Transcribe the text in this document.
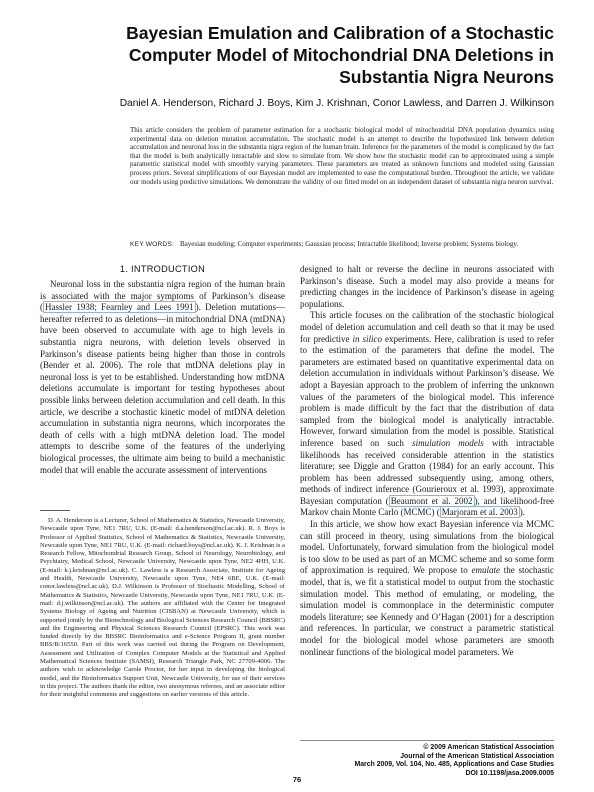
Bayesian Emulation and Calibration of a Stochastic
Computer Model of Mitochondrial DNA Deletions in
Substantia Nigra Neurons
Daniel A. Henderson, Richard J. Boys, Kim J. Krishnan, Conor Lawless, and Darren J. Wilkinson
This article considers the problem of parameter estimation for a stochastic biological model of mitochondrial DNA population dynamics using experimental data on deletion mutation accumulation. The stochastic model is an attempt to describe the hypothesized link between deletion accumulation and neuronal loss in the substantia nigra region of the human brain. Inference for the parameters of the model is complicated by the fact that the model is both analytically intractable and slow to simulate from. We show how the stochastic model can be approximated using a simple parametric statistical model with smoothly varying parameters. These parameters are treated as unknown functions and modeled using Gaussian process priors. Several simplifications of our Bayesian model are implemented to ease the computational burden. Throughout the article, we validate our models using predictive simulations. We demonstrate the validity of our fitted model on an independent dataset of substantia nigra neuron survival.
KEY WORDS: Bayesian modeling; Computer experiments; Gaussian process; Intractable likelihood; Inverse problem; Systems biology.
1. INTRODUCTION

Neuronal loss in the substantia nigra region of the human brain is associated with the major symptoms of Parkinson’s disease ( Hassler 1938; Fearnley and Lees 1991 ). Deletion mutations—hereafter referred to as deletions—in mitochondrial DNA (mtDNA) have been observed to accumulate with age to high levels in substantia nigra neurons, with deletion levels observed in Parkinson’s disease patients being higher than those in controls (Bender et al. 2006). The role that mtDNA deletions play in neuronal loss is yet to be established. Understanding how mtDNA deletions accumulate is important for testing hypotheses about possible links between deletion accumulation and cell death. In this article, we describe a stochastic kinetic model of mtDNA deletion accumulation in substantia nigra neurons, which incorporates the death of cells with a high mtDNA deletion load. The model attempts to describe some of the features of the underlying biological processes, the ultimate aim being to build a mechanistic model that will enable the accurate assessment of interventions

D. A. Henderson is a Lecturer, School of Mathematics & Statistics, Newcastle University, Newcastle upon Tyne, NE1 7RU, U.K. (E-mail: d.a.henderson@ncl.ac.uk). R. J. Boys is Professor of Applied Statistics, School of Mathematics & Statistics, Newcastle University, Newcastle upon Tyne, NE1 7RU, U.K. (E-mail: richard.boys@ncl.ac.uk). K. J. Krishnan is a Research Fellow, Mitochondrial Research Group, School of Neurology, Neurobiology, and Psychiatry, Medical School, Newcastle University, Newcastle upon Tyne, NE2 4HH, U.K. (E-mail: k.j.krishnan@ncl.ac.uk). C. Lawless is a Research Associate, Institute for Ageing and Health, Newcastle University, Newcastle upon Tyne, NE4 6BE, U.K. (E-mail: conor.lawless@ncl.ac.uk). D.J. Wilkinson is Professor of Stochastic Modelling, School of Mathematics & Statistics, Newcastle University, Newcastle upon Tyne, NE1 7RU, U.K. (E-mail: d.j.wilkinson@ncl.ac.uk). The authors are affiliated with the Center for Integrated Systems Biology of Ageing and Nutrition (CISBAN) at Newcastle University, which is supported jointly by the Biotechnology and Biological Sciences Research Council (BBSRC) and the Engineering and Physical Sciences Research Council (EPSRC). This work was funded directly by the BBSRC Bioinformatics and e-Science Program II, grant number BBS/B/16550. Part of this work was carried out during the Program on Development, Assessment and Utilization of Complex Computer Models at the Statistical and Applied Mathematical Sciences Institute (SAMSI), Research Triangle Park, NC 27709-4006. The authors wish to acknowledge Carole Proctor, for her input in developing the biological model, and the Bioinformatics Support Unit, Newcastle University, for use of their services in this project. The authors thank the editor, two anonymous referees, and an associate editor for their insightful comments and suggestions on earlier versions of this article.

designed to halt or reverse the decline in neurons associated with Parkinson’s disease. Such a model may also provide a means for predicting changes in the incidence of Parkinson’s disease in ageing populations.

This article focuses on the calibration of the stochastic biological model of deletion accumulation and cell death so that it may be used for predictive in silico experiments. Here, calibration is used to refer to the estimation of the parameters that define the model. The parameters are estimated based on quantitative experimental data on deletion accumulation in individuals without Parkinson’s disease. We adopt a Bayesian approach to the problem of inferring the unknown values of the parameters of the biological model. This inference problem is made difficult by the fact that the distribution of data sampled from the biological model is analytically intractable. However, forward simulation from the model is possible. Statistical inference based on such simulation models with intractable likelihoods has received considerable attention in the statistics literature; see Diggle and Gratton (1984) for an early account. This problem has been addressed subsequently using, among others, methods of indirect inference (Gourieroux et al. 1993), approximate Bayesian computation ( Beaumont et al. 2002 ), and likelihood-free Markov chain Monte Carlo (MCMC) ( Marjoram et al. 2003 ).

In this article, we show how exact Bayesian inference via MCMC can still proceed in theory, using simulations from the biological model. Unfortunately, forward simulation from the biological model is too slow to be used as part of an MCMC scheme and so some form of approximation is required. We propose to emulate the stochastic model, that is, we fit a statistical model to output from the stochastic simulation model. This method of emulating, or modeling, the simulation model is commonplace in the deterministic computer models literature; see Kennedy and O’Hagan (2001) for a description and references. In particular, we construct a parametric statistical model for the biological model whose parameters are smooth nonlinear functions of the biological model parameters. We

© 2009 American Statistical Association
Journal of the American Statistical Association
March 2009, Vol. 104, No. 485, Applications and Case Studies
DOI 10.1198/jasa.2009.0005
76
